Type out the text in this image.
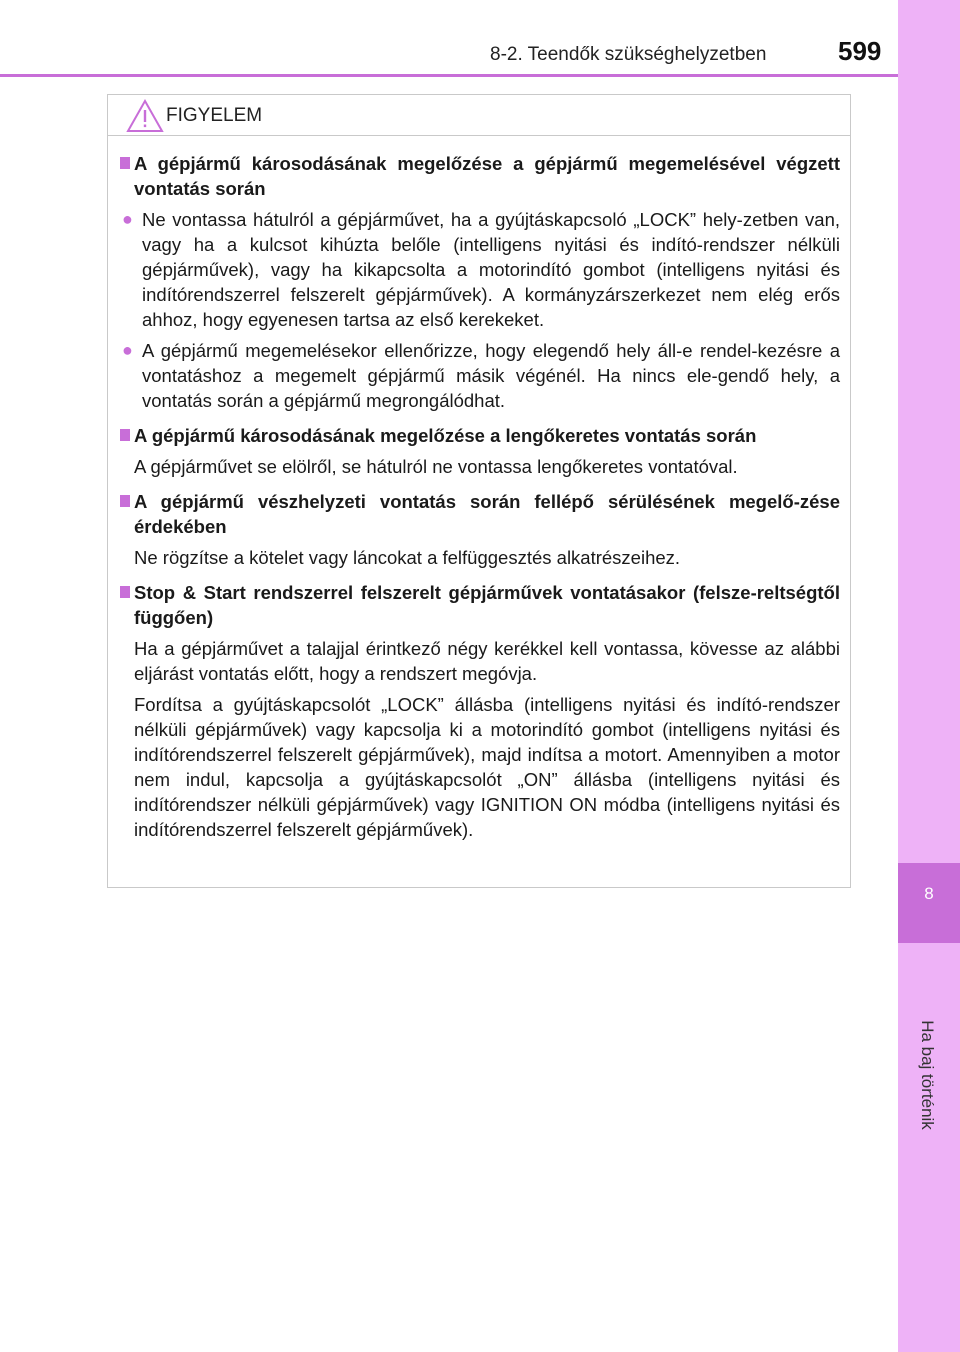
8-2. Teendők szükséghelyzetben	599
8
Ha baj történik
FIGYELEM
A gépjármű károsodásának megelőzése a gépjármű megemelésével végzett vontatás során
● Ne vontassa hátulról a gépjárművet, ha a gyújtáskapcsoló „LOCK” hely-zetben van, vagy ha a kulcsot kihúzta belőle (intelligens nyitási és indító-rendszer nélküli gépjárművek), vagy ha kikapcsolta a motorindító gombot (intelligens nyitási és indítórendszerrel felszerelt gépjárművek). A kormányzárszerkezet nem elég erős ahhoz, hogy egyenesen tartsa az első kerekeket.
● A gépjármű megemelésekor ellenőrizze, hogy elegendő hely áll-e rendel-kezésre a vontatáshoz a megemelt gépjármű másik végénél. Ha nincs ele-gendő hely, a vontatás során a gépjármű megrongálódhat.
A gépjármű károsodásának megelőzése a lengőkeretes vontatás során
A gépjárművet se elölről, se hátulról ne vontassa lengőkeretes vontatóval.
A gépjármű vészhelyzeti vontatás során fellépő sérülésének megelő-zése érdekében
Ne rögzítse a kötelet vagy láncokat a felfüggesztés alkatrészeihez.
Stop & Start rendszerrel felszerelt gépjárművek vontatásakor (felsze-reltségtől függően)
Ha a gépjárművet a talajjal érintkező négy kerékkel kell vontassa, kövesse az alábbi eljárást vontatás előtt, hogy a rendszert megóvja.
Fordítsa a gyújtáskapcsolót „LOCK” állásba (intelligens nyitási és indító-rendszer nélküli gépjárművek) vagy kapcsolja ki a motorindító gombot (intelligens nyitási és indítórendszerrel felszerelt gépjárművek), majd indítsa a motort. Amennyiben a motor nem indul, kapcsolja a gyújtáskapcsolót „ON” állásba (intelligens nyitási és indítórendszer nélküli gépjárművek) vagy IGNITION ON módba (intelligens nyitási és indítórendszerrel felszerelt gépjárművek).
